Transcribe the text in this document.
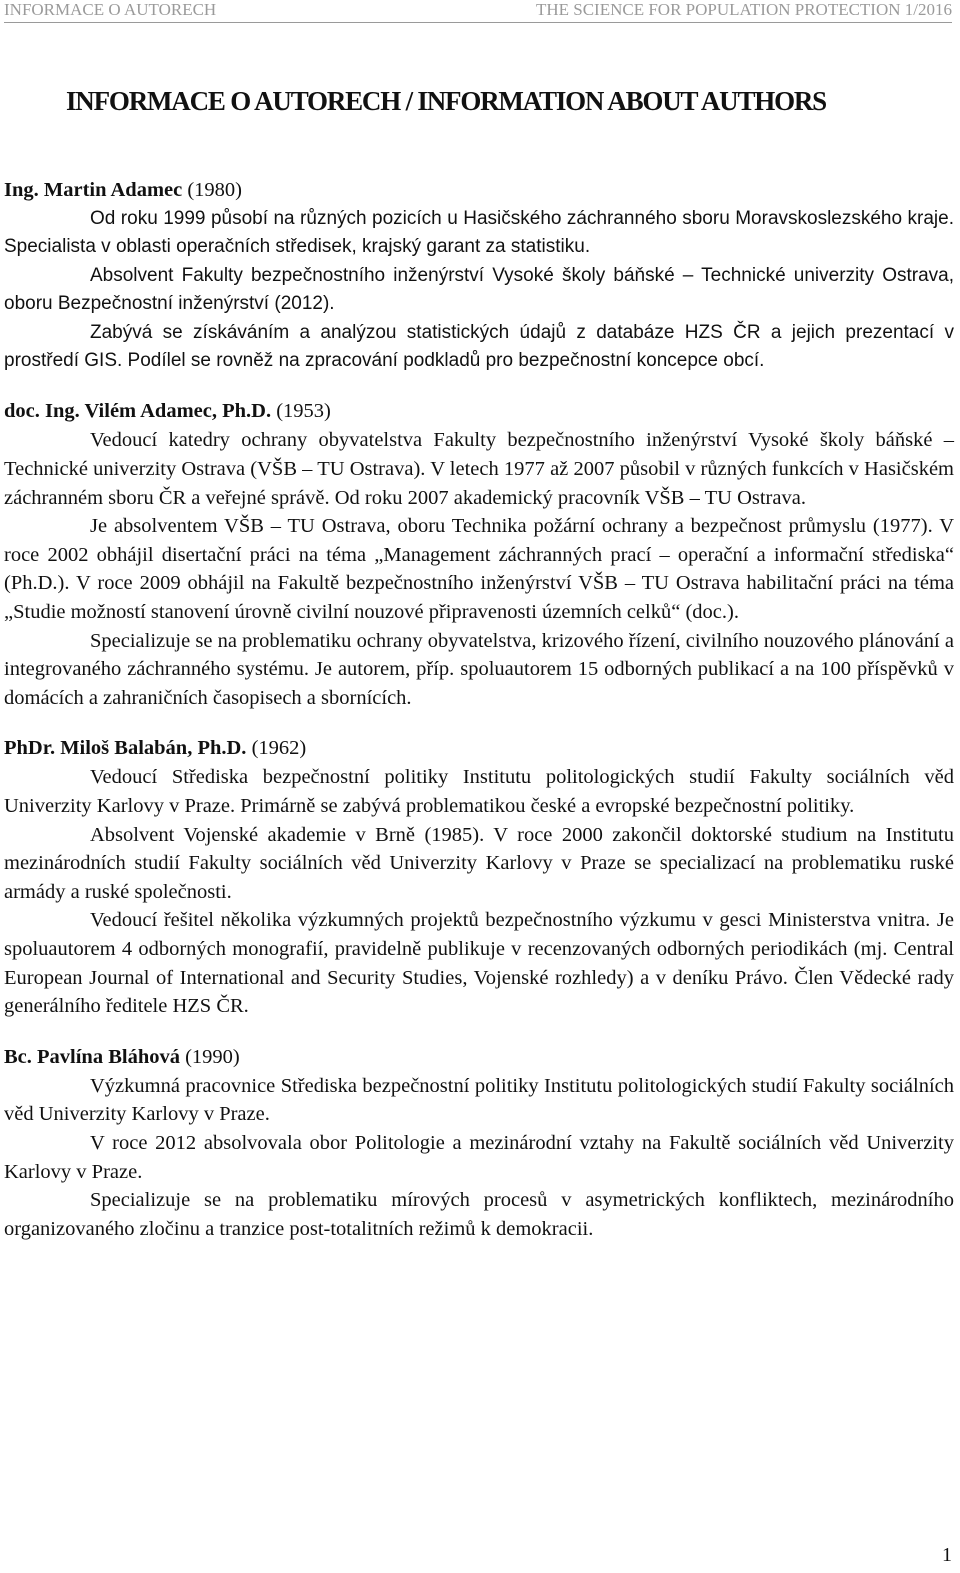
INFORMACE O AUTORECH	THE SCIENCE FOR POPULATION PROTECTION 1/2016
INFORMACE O AUTORECH / INFORMATION ABOUT AUTHORS
Ing. Martin Adamec (1980)

Od roku 1999 působí na různých pozicích u Hasičského záchranného sboru Moravskoslezského kraje. Specialista v oblasti operačních středisek, krajský garant za statistiku.

Absolvent Fakulty bezpečnostního inženýrství Vysoké školy báňské – Technické univerzity Ostrava, oboru Bezpečnostní inženýrství (2012).

Zabývá se získáváním a analýzou statistických údajů z databáze HZS ČR a jejich prezentací v prostředí GIS. Podílel se rovněž na zpracování podkladů pro bezpečnostní koncepce obcí.

doc. Ing. Vilém Adamec, Ph.D. (1953)

Vedoucí katedry ochrany obyvatelstva Fakulty bezpečnostního inženýrství Vysoké školy báňské – Technické univerzity Ostrava (VŠB – TU Ostrava). V letech 1977 až 2007 působil v různých funkcích v Hasičském záchranném sboru ČR a veřejné správě. Od roku 2007 akademický pracovník VŠB – TU Ostrava.

Je absolventem VŠB – TU Ostrava, oboru Technika požární ochrany a bezpečnost průmyslu (1977). V roce 2002 obhájil disertační práci na téma „Management záchranných prací – operační a informační střediska“ (Ph.D.). V roce 2009 obhájil na Fakultě bezpečnostního inženýrství VŠB – TU Ostrava habilitační práci na téma „Studie možností stanovení úrovně civilní nouzové připravenosti územních celků“ (doc.).

Specializuje se na problematiku ochrany obyvatelstva, krizového řízení, civilního nouzového plánování a integrovaného záchranného systému. Je autorem, příp. spoluautorem 15 odborných publikací a na 100 příspěvků v domácích a zahraničních časopisech a sbornících.

PhDr. Miloš Balabán, Ph.D. (1962)

Vedoucí Střediska bezpečnostní politiky Institutu politologických studií Fakulty sociálních věd Univerzity Karlovy v Praze. Primárně se zabývá problematikou české a evropské bezpečnostní politiky.

Absolvent Vojenské akademie v Brně (1985). V roce 2000 zakončil doktorské studium na Institutu mezinárodních studií Fakulty sociálních věd Univerzity Karlovy v Praze se specializací na problematiku ruské armády a ruské společnosti.

Vedoucí řešitel několika výzkumných projektů bezpečnostního výzkumu v gesci Ministerstva vnitra. Je spoluautorem 4 odborných monografií, pravidelně publikuje v recenzovaných odborných periodikách (mj. Central European Journal of International and Security Studies, Vojenské rozhledy) a v deníku Právo. Člen Vědecké rady generálního ředitele HZS ČR.

Bc. Pavlína Bláhová (1990)

Výzkumná pracovnice Střediska bezpečnostní politiky Institutu politologických studií Fakulty sociálních věd Univerzity Karlovy v Praze.

V roce 2012 absolvovala obor Politologie a mezinárodní vztahy na Fakultě sociálních věd Univerzity Karlovy v Praze.

Specializuje se na problematiku mírových procesů v asymetrických konfliktech, mezinárodního organizovaného zločinu a tranzice post-totalitních režimů k demokracii.

1
